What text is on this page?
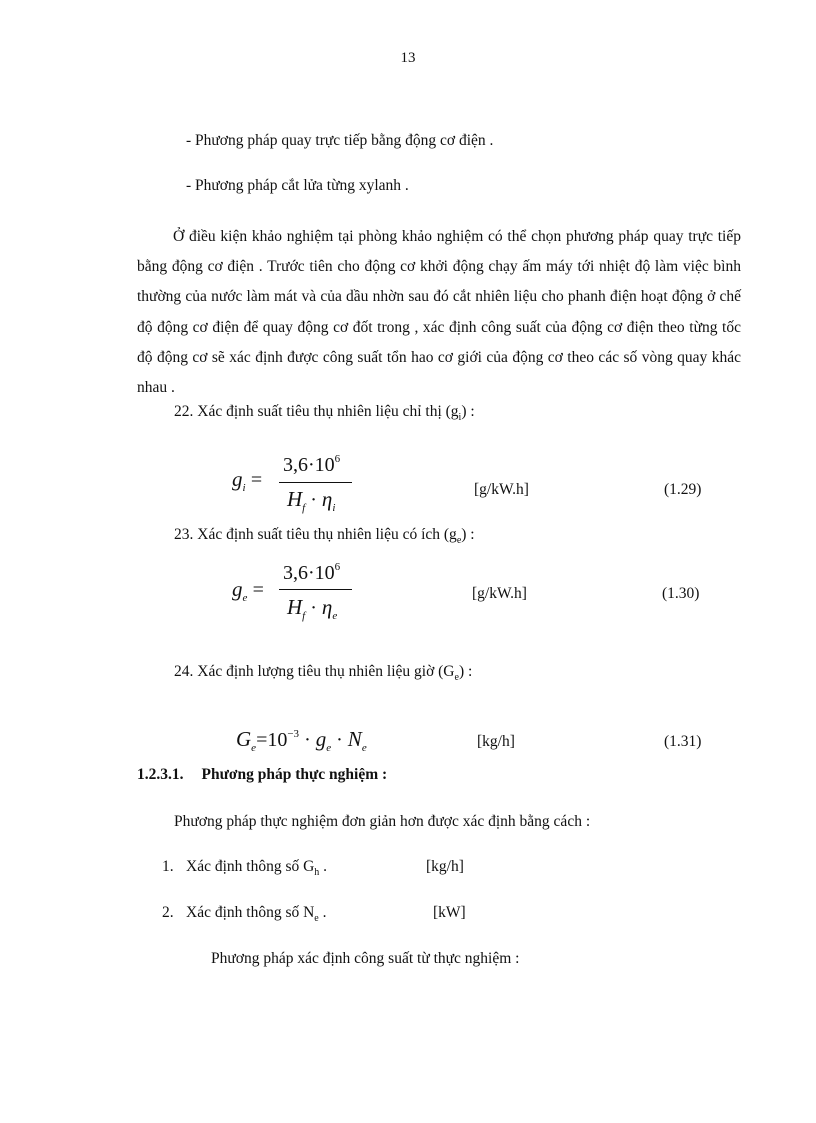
13
- Phương pháp quay trực tiếp bằng động cơ điện .
- Phương pháp cắt lửa từng xylanh .
Ở điều kiện khảo nghiệm tại phòng khảo nghiệm có thể chọn phương pháp quay trực tiếp bằng động cơ điện . Trước tiên cho động cơ khởi động chạy ấm máy tới nhiệt độ làm việc bình thường của nước làm mát và của dầu nhờn sau đó cắt nhiên liệu cho phanh điện hoạt động ở chế độ động cơ điện để quay động cơ đốt trong , xác định công suất của động cơ điện theo từng tốc độ động cơ sẽ xác định được công suất tổn hao cơ giới của động cơ theo các số vòng quay khác nhau .
22. Xác định suất tiêu thụ nhiên liệu chỉ thị $(g_i)$ :
$g_i$ =
$3,6\cdot 10^6$
$H_f \cdot \eta_i$
[g/kW.h]	(1.29)
23. Xác định suất tiêu thụ nhiên liệu có ích $(g_e)$ :
$g_e$ =
$3,6\cdot 10^6$
$H_f \cdot \eta_e$
[g/kW.h]	(1.30)
24. Xác định lượng tiêu thụ nhiên liệu giờ $(G_e)$ :
$G_e=10^{-3} \cdot g_e \cdot N_e$	[kg/h]	(1.31)
1.2.3.1. Phương pháp thực nghiệm :
Phương pháp thực nghiệm đơn giản hơn được xác định bằng cách :
1. Xác định thông số $G_h$ .	[kg/h]
2. Xác định thông số $N_e$ .	[kW]
Phương pháp xác định công suất từ thực nghiệm :
